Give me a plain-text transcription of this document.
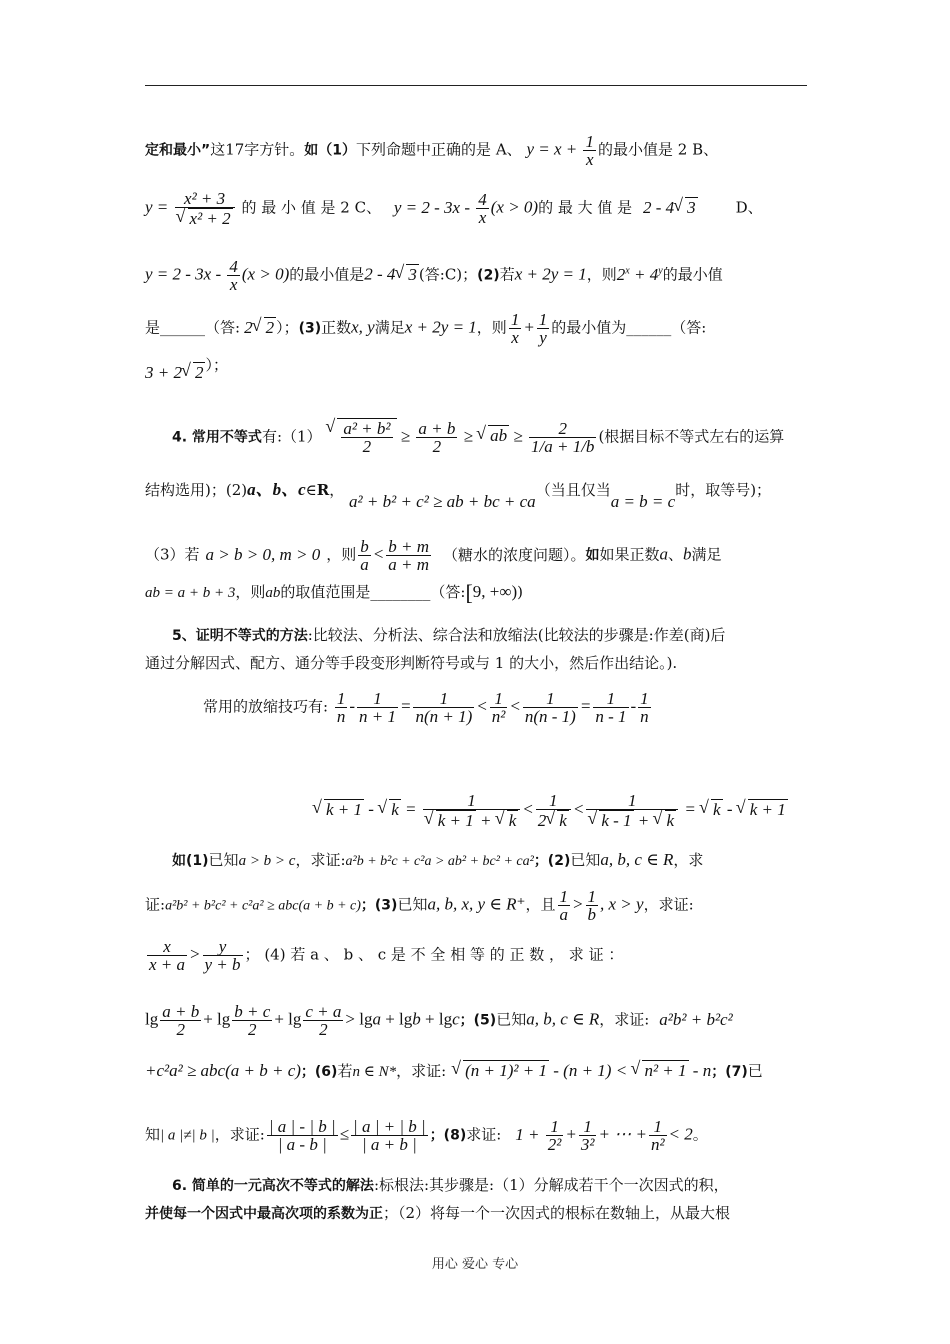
定和最小”这17字方针。如（1）下列命题中正确的是 A、 $y = x + \frac{1}{x}$ 的最小值是 2 B、
y = x² + 3
√ x² + 2 的 最 小 值 是 2 C、 $y = 2 - 3x - \frac{4}{x} (x > 0)$的 最 大 值 是 2 - 4 √ 3	D、
$y = 2 - 3x - \frac{4}{x} (x > 0)$的最小值是2 - 4 √ 3 (答:C)；(2)若x + 2y = 1，则$2^x + 4^y$的最小值
是______（答: 2 √ 2 ）；(3)正数x, y满足x + 2y = 1，则 $\frac{1}{x} + \frac{1}{y}$ 的最小值为______（答:
3 + 2 √ 2 ）；
4. 常用不等式有:（1） √ $\frac{\text{a² + b²}}{2} \ge \frac{a + b}{2}$ ≥ √ ab ≥ $\frac{2}{1/a + 1/b}$ (根据目标不等式左右的运算
结构选用)；(2)a、b、c∈R， a² + b² + c² ≥ ab + bc + ca（当且仅当a = b = c时，取等号)；
（3）若 a > b > 0, m > 0 ，则 $\frac{b}{a} < \frac{b + m}{a + m}$ （糖水的浓度问题）。如如果正数a、b满足
ab = a + b + 3，则ab的取值范围是________（答:[9, +∞))
5、证明不等式的方法:比较法、分析法、综合法和放缩法(比较法的步骤是:作差(商)后
通过分解因式、配方、通分等手段变形判断符号或与 1 的大小，然后作出结论。).
常用的放缩技巧有: $\frac{1}{n} - \frac{1}{n + 1} = \frac{1}{n(n + 1)} < \frac{1}{\text{n²}} < \frac{1}{n(n - 1)} = \frac{1}{n - 1} - \frac{1}{n}$
√ k + 1 - √ k = 1
√ k + 1 + √ $k < \frac{1}{2 √ k} < 1$
√ k - 1 + √ k = √ k - √ k + 1
如(1)已知a > b > c，求证:a²b + b²c + c²a > ab² + bc² + ca²；(2)已知a, b, c ∈ R，求
证:a²b² + b²c² + c²a² ≥ abc(a + b + c)；(3)已知a, b, x, y ∈ R⁺，且 $\frac{1}{a} > \frac{1}{b}$ , x > y，求证:
$\frac{x}{x + a} > \frac{y}{y + b}$ ； (4) 若 a 、 b 、 c 是 不 全 相 等 的 正 数 ， 求 证 ：
$\lg \frac{a + b}{2} + \lg \frac{b + c}{2} + \lg \frac{c + a}{2} > \lg a + \lg b + \lg c$；(5)已知a, b, c ∈ R，求证: a²b² + b²c²
+c²a² ≥ abc(a + b + c)；(6)若n ∈ N*，求证: √ (n + 1)² + 1 - (n + 1) < √ n² + 1 - n；(7)已
知| a |≠| b |，求证: $\frac{| a | - | b |}{| a - b |} \le \frac{| a | + | b |}{| a + b |}$ ；(8)求证: $1 + \frac{1}{\text{2²}} + \frac{1}{\text{3²}}$ + ⋯ + $\frac{1}{\text{n²}} < 2$。
6. 简单的一元高次不等式的解法:标根法:其步骤是:（1）分解成若干个一次因式的积，
并使每一个因式中最高次项的系数为正；（2）将每一个一次因式的根标在数轴上，从最大根
用心 爱心 专心
